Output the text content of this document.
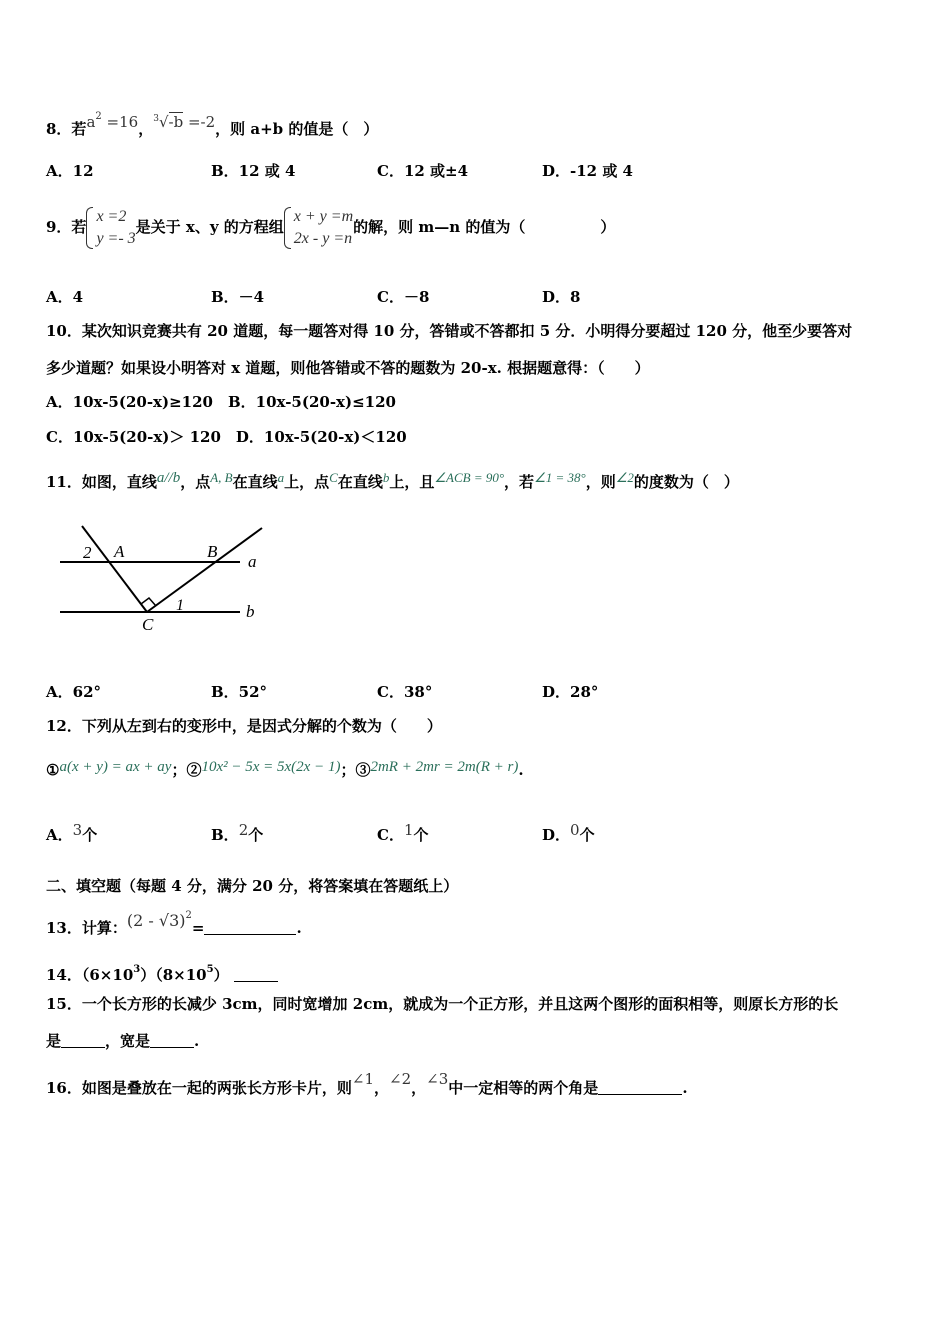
8．若$a^2 =16$，$^3$√-b =-2，则 a+b 的值是（　）
A．12	B．12 或 4	C．12 或±4	D．-12 或 4
9．若
x =2
y =- 3
是关于 x、y 的方程组
x + y =m
2x - y =n
的解，则 m—n 的值为（　　　　　）
A．4	B．－4	C．－8	D．8
10．某次知识竞赛共有 20 道题，每一题答对得 10 分，答错或不答都扣 5 分．小明得分要超过 120 分，他至少要答对
多少道题？如果设小明答对 x 道题，则他答错或不答的题数为 20-x. 根据题意得：（　　）
A．10x-5(20-x)≥120　B．10x-5(20-x)≤120
C．10x-5(20-x)＞ 120　D．10x-5(20-x)＜120
11．如图，直线a//b，点A, B在直线a上，点C在直线b上，且∠ACB = 90°，若∠1 = 38°，则∠2的度数为（　）
2 A	B
a
1
C
b
A．62°	B．52°	C．38°	D．28°
12．下列从左到右的变形中，是因式分解的个数为（　　）
①a(x + y) = ax + ay；②10x² − 5x = 5x(2x − 1)；③2mR + 2mr = 2m(R + r).
A．3个	B．2个	C．1个	D．0个
二、填空题（每题 4 分，满分 20 分，将答案填在答题纸上）
13．计算：(2 - √3)$^2$=	.
14．$(6\times 10^3)(8\times 10^5)$
15．一个长方形的长减少 3cm，同时宽增加 2cm，就成为一个正方形，并且这两个图形的面积相等，则原长方形的长
是	，宽是	.
16．如图是叠放在一起的两张长方形卡片，则∠1，∠2，∠3中一定相等的两个角是	.
